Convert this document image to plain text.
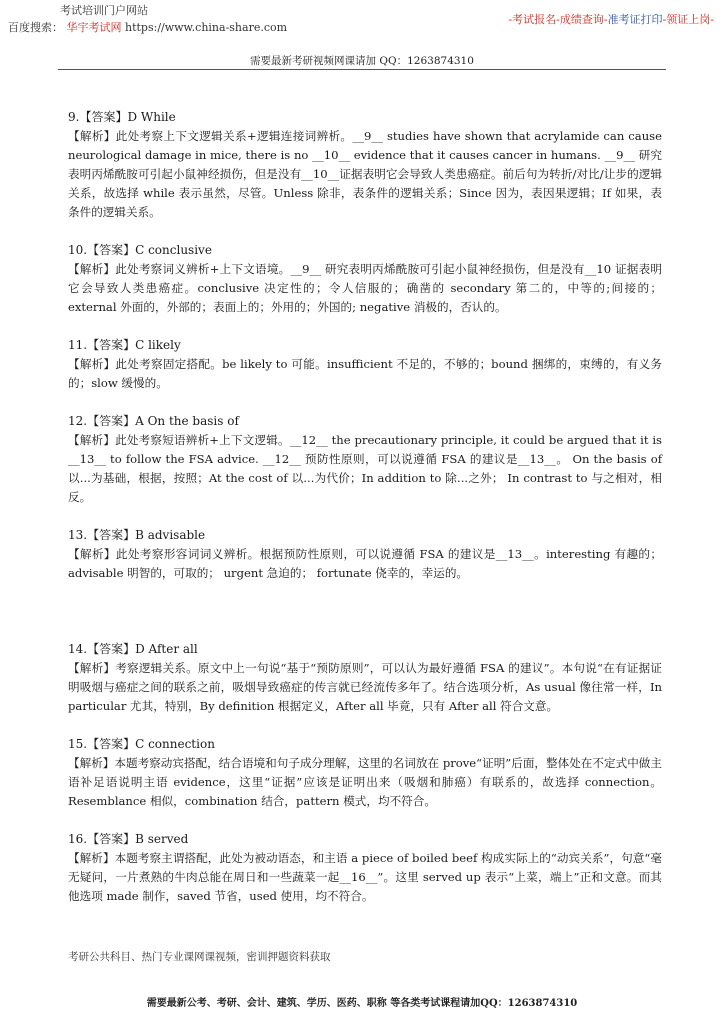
考试培训门户网站
百度搜索： 华宇考试网 https://www.china-share.com
-考试报名-成绩查询-准考证打印-领证上岗-
需要最新考研视频网课请加 QQ：1263874310
9.【答案】D While
【解析】此处考察上下文逻辑关系+逻辑连接词辨析。__9__ studies have shown that acrylamide can cause neurological damage in mice, there is no __10__ evidence that it causes cancer in humans. __9__ 研究表明丙烯酰胺可引起小鼠神经损伤，但是没有__10__证据表明它会导致人类患癌症。前后句为转折/对比/让步的逻辑关系，故选择 while 表示虽然，尽管。Unless 除非，表条件的逻辑关系；Since 因为，表因果逻辑；If 如果，表条件的逻辑关系。
10.【答案】C conclusive
【解析】此处考察词义辨析+上下文语境。__9__ 研究表明丙烯酰胺可引起小鼠神经损伤，但是没有__10 证据表明它会导致人类患癌症。conclusive 决定性的；令人信服的；确凿的 secondary 第二的，中等的;间接的； external 外面的，外部的；表面上的；外用的；外国的; negative 消极的，否认的。
11.【答案】C likely
【解析】此处考察固定搭配。be likely to 可能。insufficient 不足的，不够的；bound 捆绑的，束缚的，有义务的；slow 缓慢的。
12.【答案】A On the basis of
【解析】此处考察短语辨析+上下文逻辑。__12__ the precautionary principle, it could be argued that it is __13__ to follow the FSA advice. __12__ 预防性原则，可以说遵循 FSA 的建议是__13__。 On the basis of 以...为基础，根据，按照；At the cost of 以...为代价；In addition to 除...之外； In contrast to 与之相对，相反。
13.【答案】B advisable
【解析】此处考察形容词词义辨析。根据预防性原则，可以说遵循 FSA 的建议是__13__。interesting 有趣的； advisable 明智的，可取的； urgent 急迫的； fortunate 侥幸的，幸运的。
14.【答案】D After all
【解析】考察逻辑关系。原文中上一句说“基于“预防原则”，可以认为最好遵循 FSA 的建议”。本句说“在有证据证明吸烟与癌症之间的联系之前，吸烟导致癌症的传言就已经流传多年了。结合选项分析，As usual 像往常一样，In particular 尤其，特别，By definition 根据定义，After all 毕竟，只有 After all 符合文意。
15.【答案】C connection
【解析】本题考察动宾搭配，结合语境和句子成分理解，这里的名词放在 prove“证明”后面，整体处在不定式中做主语补足语说明主语 evidence，这里“证据”应该是证明出来（吸烟和肺癌）有联系的，故选择 connection。Resemblance 相似，combination 结合，pattern 模式，均不符合。
16.【答案】B served
【解析】本题考察主谓搭配，此处为被动语态，和主语 a piece of boiled beef 构成实际上的“动宾关系”，句意“毫无疑问，一片煮熟的牛肉总能在周日和一些蔬菜一起__16__”。这里 served up 表示“上菜，端上”正和文意。而其他选项 made 制作，saved 节省，used 使用，均不符合。
考研公共科目、热门专业课网课视频，密训押题资料获取
需要最新公考、考研、会计、建筑、学历、医药、职称 等各类考试课程请加QQ：1263874310
